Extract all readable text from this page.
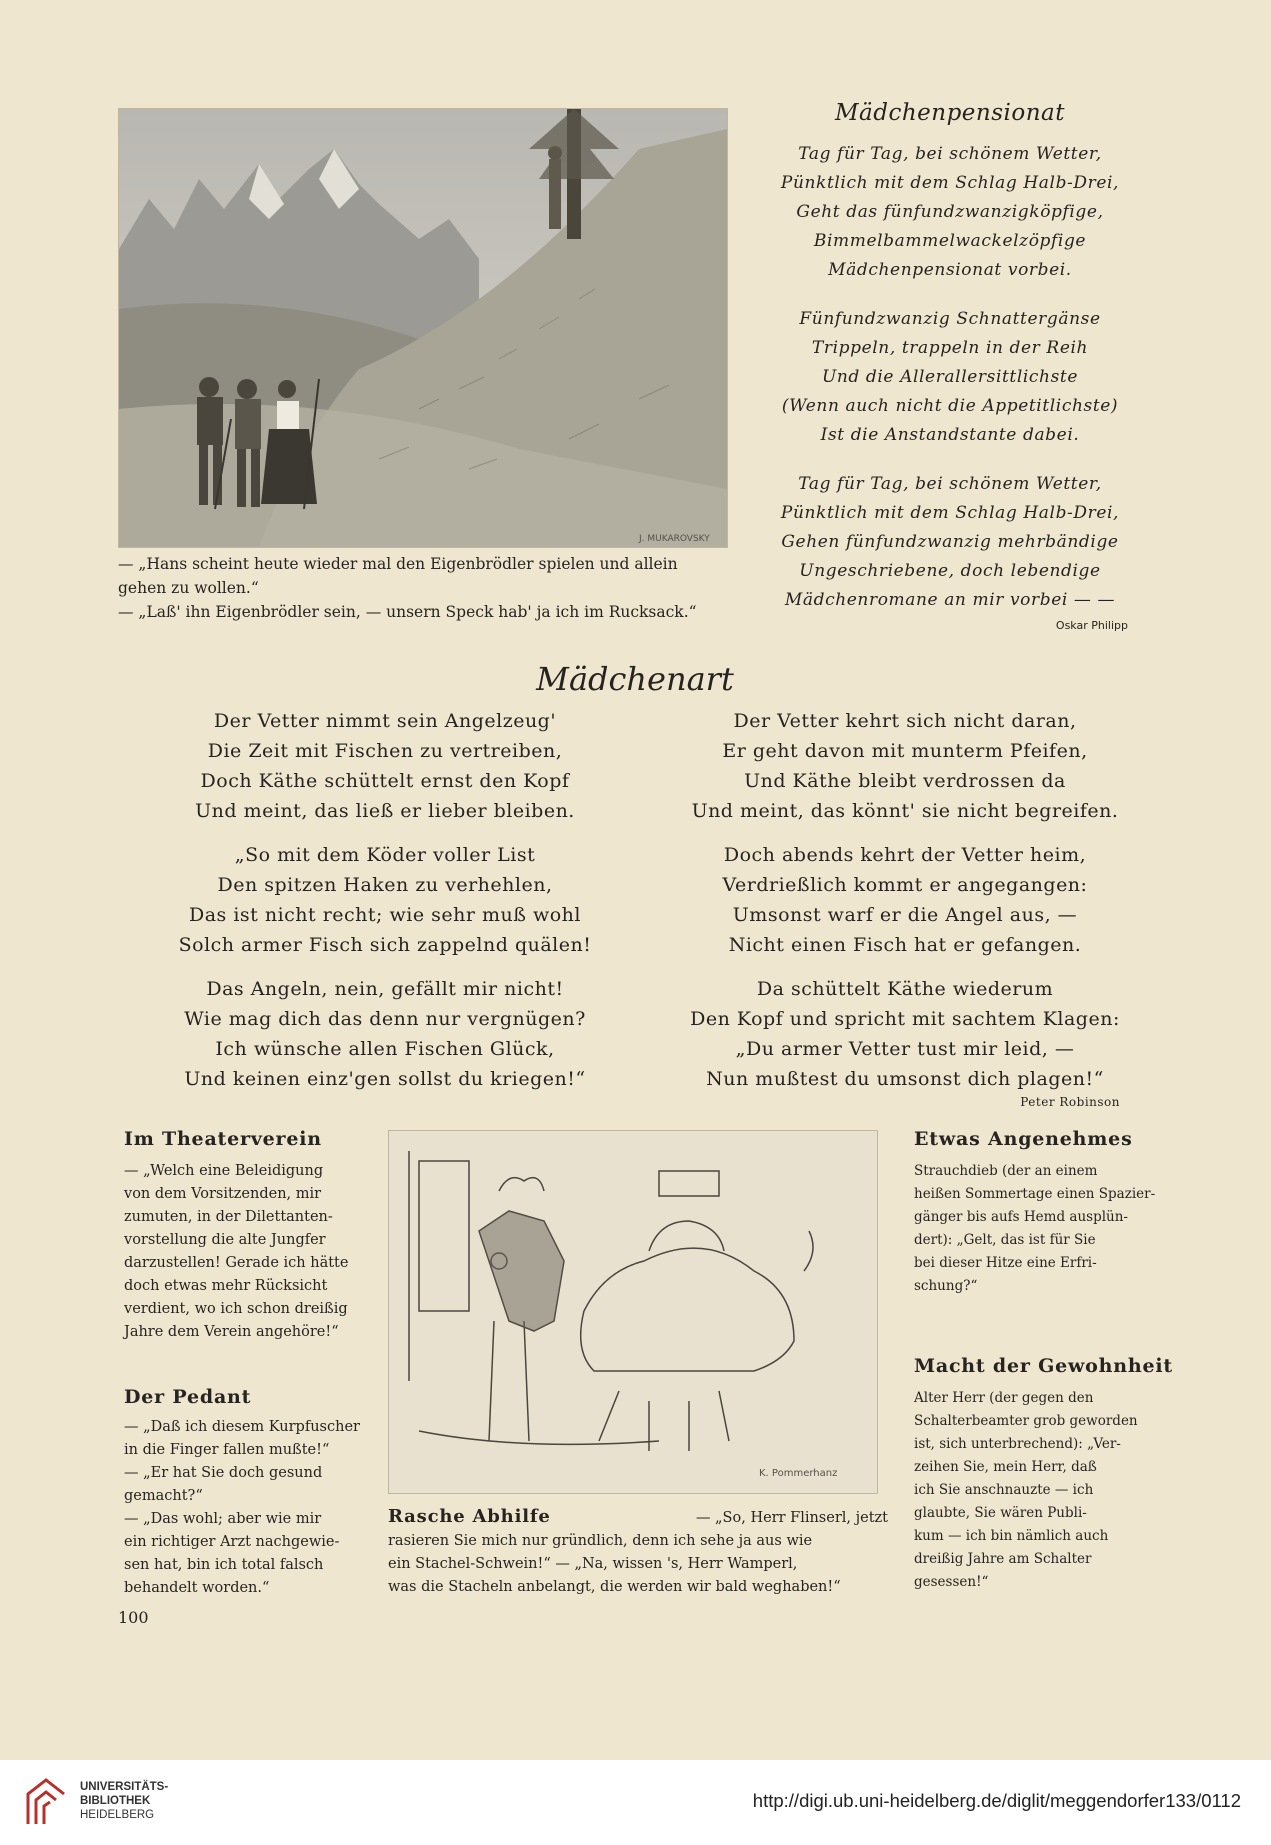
J. MUKAROVSKY
— „Hans scheint heute wieder mal den Eigenbrödler spielen und allein
gehen zu wollen.“
— „Laß' ihn Eigenbrödler sein, — unsern Speck hab' ja ich im Rucksack.“
Mädchenpensionat
Tag für Tag, bei schönem Wetter,
Pünktlich mit dem Schlag Halb-Drei,
Geht das fünfundzwanzigköpfige,
Bimmelbammelwackelzöpfige
Mädchenpensionat vorbei.
Fünfundzwanzig Schnattergänse
Trippeln, trappeln in der Reih
Und die Allerallersittlichste
(Wenn auch nicht die Appetitlichste)
Ist die Anstandstante dabei.
Tag für Tag, bei schönem Wetter,
Pünktlich mit dem Schlag Halb-Drei,
Gehen fünfundzwanzig mehrbändige
Ungeschriebene, doch lebendige
Mädchenromane an mir vorbei — —
Oskar Philipp
Mädchenart
Der Vetter nimmt sein Angelzeug'
Die Zeit mit Fischen zu vertreiben,
Doch Käthe schüttelt ernst den Kopf
Und meint, das ließ er lieber bleiben.
„So mit dem Köder voller List
Den spitzen Haken zu verhehlen,
Das ist nicht recht; wie sehr muß wohl
Solch armer Fisch sich zappelnd quälen!
Das Angeln, nein, gefällt mir nicht!
Wie mag dich das denn nur vergnügen?
Ich wünsche allen Fischen Glück,
Und keinen einz'gen sollst du kriegen!“
Der Vetter kehrt sich nicht daran,
Er geht davon mit munterm Pfeifen,
Und Käthe bleibt verdrossen da
Und meint, das könnt' sie nicht begreifen.
Doch abends kehrt der Vetter heim,
Verdrießlich kommt er angegangen:
Umsonst warf er die Angel aus, —
Nicht einen Fisch hat er gefangen.
Da schüttelt Käthe wiederum
Den Kopf und spricht mit sachtem Klagen:
„Du armer Vetter tust mir leid, —
Nun mußtest du umsonst dich plagen!“
Peter Robinson
Im Theaterverein
— „Welch eine Beleidigung
von dem Vorsitzenden, mir
zumuten, in der Dilettanten-
vorstellung die alte Jungfer
darzustellen! Gerade ich hätte
doch etwas mehr Rücksicht
verdient, wo ich schon dreißig
Jahre dem Verein angehöre!“
Der Pedant
— „Daß ich diesem Kurpfuscher
in die Finger fallen mußte!“
— „Er hat Sie doch gesund
gemacht?“
— „Das wohl; aber wie mir
ein richtiger Arzt nachgewie-
sen hat, bin ich total falsch
behandelt worden.“
100
K. Pommerhanz
Rasche Abhilfe	— „So, Herr Flinserl, jetzt
rasieren Sie mich nur gründlich, denn ich sehe ja aus wie
ein Stachel-Schwein!“ — „Na, wissen 's, Herr Wamperl,
was die Stacheln anbelangt, die werden wir bald weghaben!“
Etwas Angenehmes
Strauchdieb (der an einem
heißen Sommertage einen Spazier-
gänger bis aufs Hemd ausplün-
dert): „Gelt, das ist für Sie
bei dieser Hitze eine Erfri-
schung?“
Macht der Gewohnheit
Alter Herr (der gegen den
Schalterbeamter grob geworden
ist, sich unterbrechend): „Ver-
zeihen Sie, mein Herr, daß
ich Sie anschnauzte — ich
glaubte, Sie wären Publi-
kum — ich bin nämlich auch
dreißig Jahre am Schalter
gesessen!“
UNIVERSITÄTS-
BIBLIOTHEK
HEIDELBERG
http://digi.ub.uni-heidelberg.de/diglit/meggendorfer133/0112
